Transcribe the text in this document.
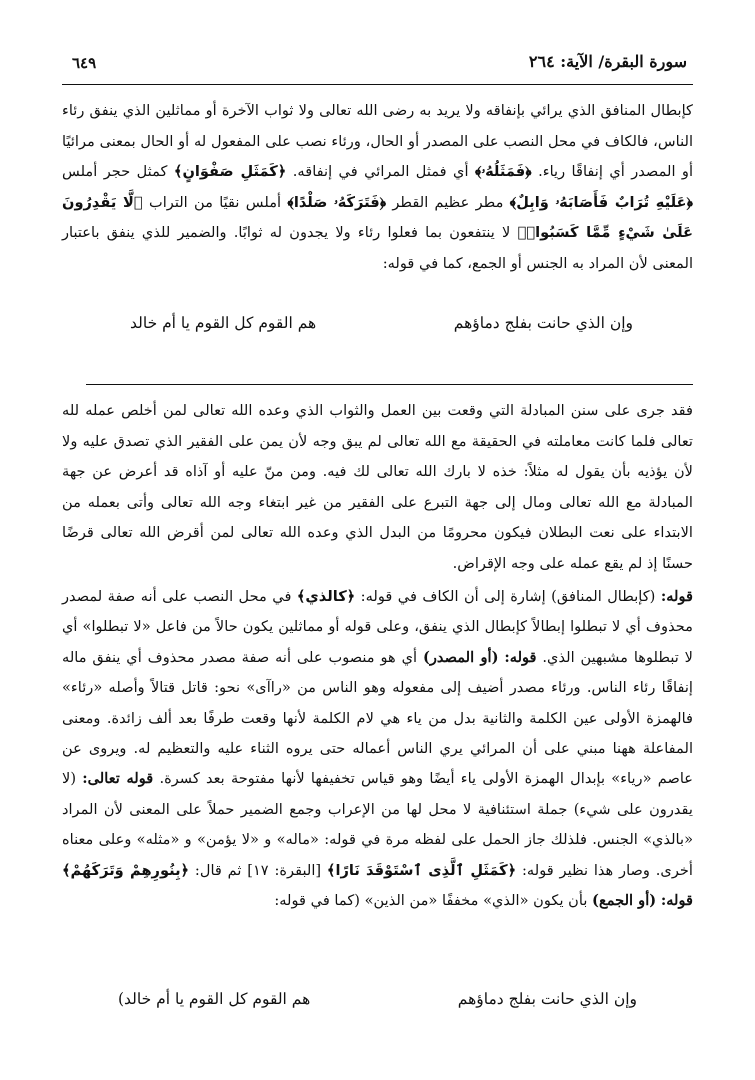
٦٤٩	سورة البقرة/ الآية: ٢٦٤

كإبطال المنافق الذي يرائي بإنفاقه ولا يريد به رضى الله تعالى ولا ثواب الآخرة أو مماثلين الذي ينفق رئاء الناس، فالكاف في محل النصب على المصدر أو الحال، ورئاء نصب على المفعول له أو الحال بمعنى مرائيًا أو المصدر أي إنفاقًا رياء. ﴿فَمَثَلُهُۥ﴾ أي فمثل المرائي في إنفاقه. ﴿كَمَثَلِ صَفْوَانٍ﴾ كمثل حجر أملس ﴿عَلَيْهِ تُرَابٌ فَأَصَابَهُۥ وَابِلٌ﴾ مطر عظيم القطر ﴿فَتَرَكَهُۥ صَلْدًا﴾ أملس نقيًا من التراب ﴿لَّا يَقْدِرُونَ عَلَىٰ شَيْءٍ مِّمَّا كَسَبُوا۟﴾ لا ينتفعون بما فعلوا رئاء ولا يجدون له ثوابًا. والضمير للذي ينفق باعتبار المعنى لأن المراد به الجنس أو الجمع، كما في قوله:

وإن الذي حانت بفلج دماؤهم
هم القوم كل القوم يا أم خالد

فقد جرى على سنن المبادلة التي وقعت بين العمل والثواب الذي وعده الله تعالى لمن أخلص عمله لله تعالى فلما كانت معاملته في الحقيقة مع الله تعالى لم يبق وجه لأن يمن على الفقير الذي تصدق عليه ولا لأن يؤذيه بأن يقول له مثلاً: خذه لا بارك الله تعالى لك فيه. ومن منّ عليه أو آذاه قد أعرض عن جهة المبادلة مع الله تعالى ومال إلى جهة التبرع على الفقير من غير ابتغاء وجه الله تعالى وأتى بعمله من الابتداء على نعت البطلان فيكون محرومًا من البدل الذي وعده الله تعالى لمن أقرض الله تعالى قرضًا حسنًا إذ لم يقع عمله على وجه الإقراض.

قوله: (كإبطال المنافق) إشارة إلى أن الكاف في قوله: ﴿كالذي﴾ في محل النصب على أنه صفة لمصدر محذوف أي لا تبطلوا إبطالاً كإبطال الذي ينفق، وعلى قوله أو مماثلين يكون حالاً من فاعل «لا تبطلوا» أي لا تبطلوها مشبهين الذي. قوله: (أو المصدر) أي هو منصوب على أنه صفة مصدر محذوف أي ينفق ماله إنفاقًا رئاء الناس. ورئاء مصدر أضيف إلى مفعوله وهو الناس من «راآى» نحو: قاتل قتالاً وأصله «رئاء» فالهمزة الأولى عين الكلمة والثانية بدل من ياء هي لام الكلمة لأنها وقعت طرفًا بعد ألف زائدة. ومعنى المفاعلة ههنا مبني على أن المرائي يري الناس أعماله حتى يروه الثناء عليه والتعظيم له. ويروى عن عاصم «رياء» بإبدال الهمزة الأولى ياء أيضًا وهو قياس تخفيفها لأنها مفتوحة بعد كسرة. قوله تعالى: (لا يقدرون على شيء) جملة استئنافية لا محل لها من الإعراب وجمع الضمير حملاً على المعنى لأن المراد «بالذي» الجنس. فلذلك جاز الحمل على لفظه مرة في قوله: «ماله» و «لا يؤمن» و «مثله» وعلى معناه أخرى. وصار هذا نظير قوله: ﴿كَمَثَلِ ٱلَّذِى ٱسْتَوْقَدَ نَارًا﴾ [البقرة: ١٧] ثم قال: ﴿بِنُورِهِمْ وَتَرَكَهُمْ﴾ قوله: (أو الجمع) بأن يكون «الذي» مخففًا «من الذين» (كما في قوله:

وإن الذي حانت بفلج دماؤهم
هم القوم كل القوم يا أم خالد)
